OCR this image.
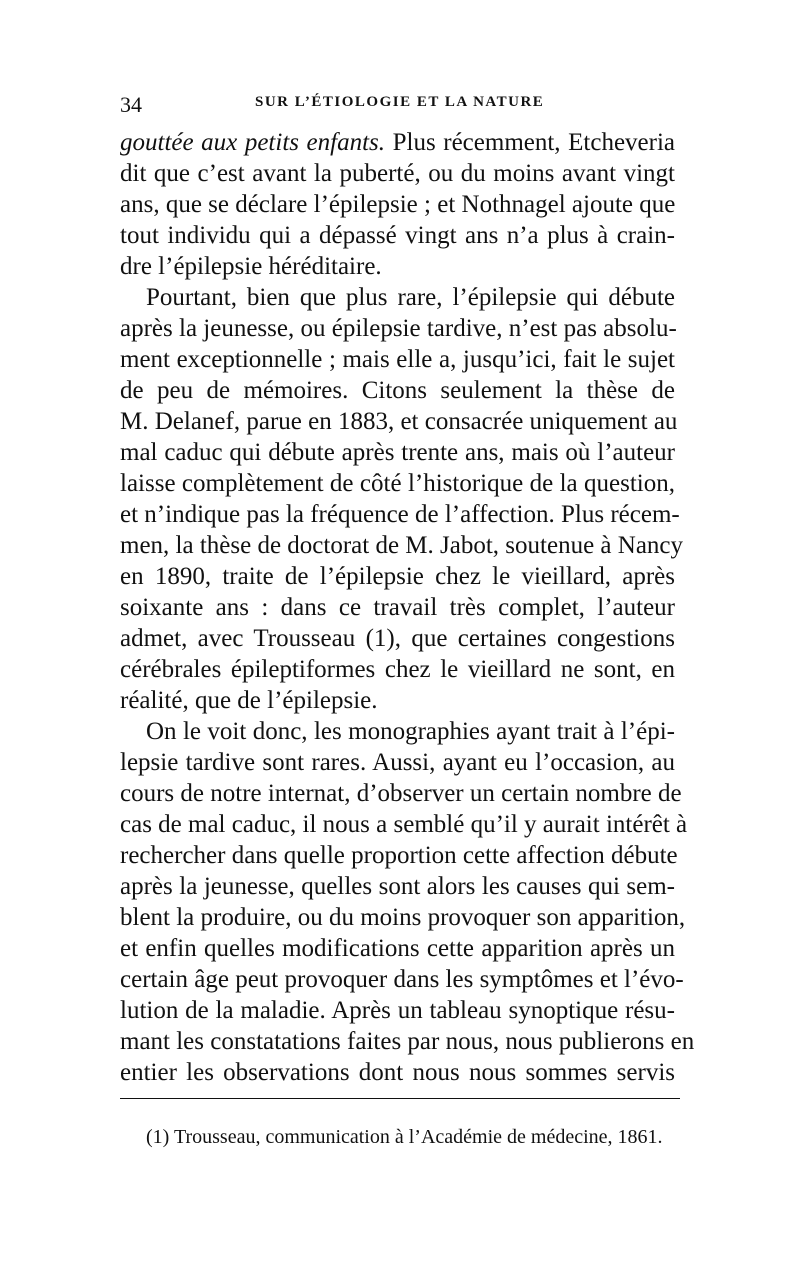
34	SUR L’ÉTIOLOGIE ET LA NATURE
gouttée aux petits enfants. Plus récemment, Etcheveria
dit que c’est avant la puberté, ou du moins avant vingt
ans, que se déclare l’épilepsie ; et Nothnagel ajoute que
tout individu qui a dépassé vingt ans n’a plus à crain-
dre l’épilepsie héréditaire.
Pourtant, bien que plus rare, l’épilepsie qui débute
après la jeunesse, ou épilepsie tardive, n’est pas absolu-
ment exceptionnelle ; mais elle a, jusqu’ici, fait le sujet
de peu de mémoires. Citons seulement la thèse de
M. Delanef, parue en 1883, et consacrée uniquement au
mal caduc qui débute après trente ans, mais où l’auteur
laisse complètement de côté l’historique de la question,
et n’indique pas la fréquence de l’affection. Plus récem-
men, la thèse de doctorat de M. Jabot, soutenue à Nancy
en 1890, traite de l’épilepsie chez le vieillard, après
soixante ans : dans ce travail très complet, l’auteur
admet, avec Trousseau (1), que certaines congestions
cérébrales épileptiformes chez le vieillard ne sont, en
réalité, que de l’épilepsie.
On le voit donc, les monographies ayant trait à l’épi-
lepsie tardive sont rares. Aussi, ayant eu l’occasion, au
cours de notre internat, d’observer un certain nombre de
cas de mal caduc, il nous a semblé qu’il y aurait intérêt à
rechercher dans quelle proportion cette affection débute
après la jeunesse, quelles sont alors les causes qui sem-
blent la produire, ou du moins provoquer son apparition,
et enfin quelles modifications cette apparition après un
certain âge peut provoquer dans les symptômes et l’évo-
lution de la maladie. Après un tableau synoptique résu-
mant les constatations faites par nous, nous publierons en
entier les observations dont nous nous sommes servis
(1) Trousseau, communication à l’Académie de médecine, 1861.
